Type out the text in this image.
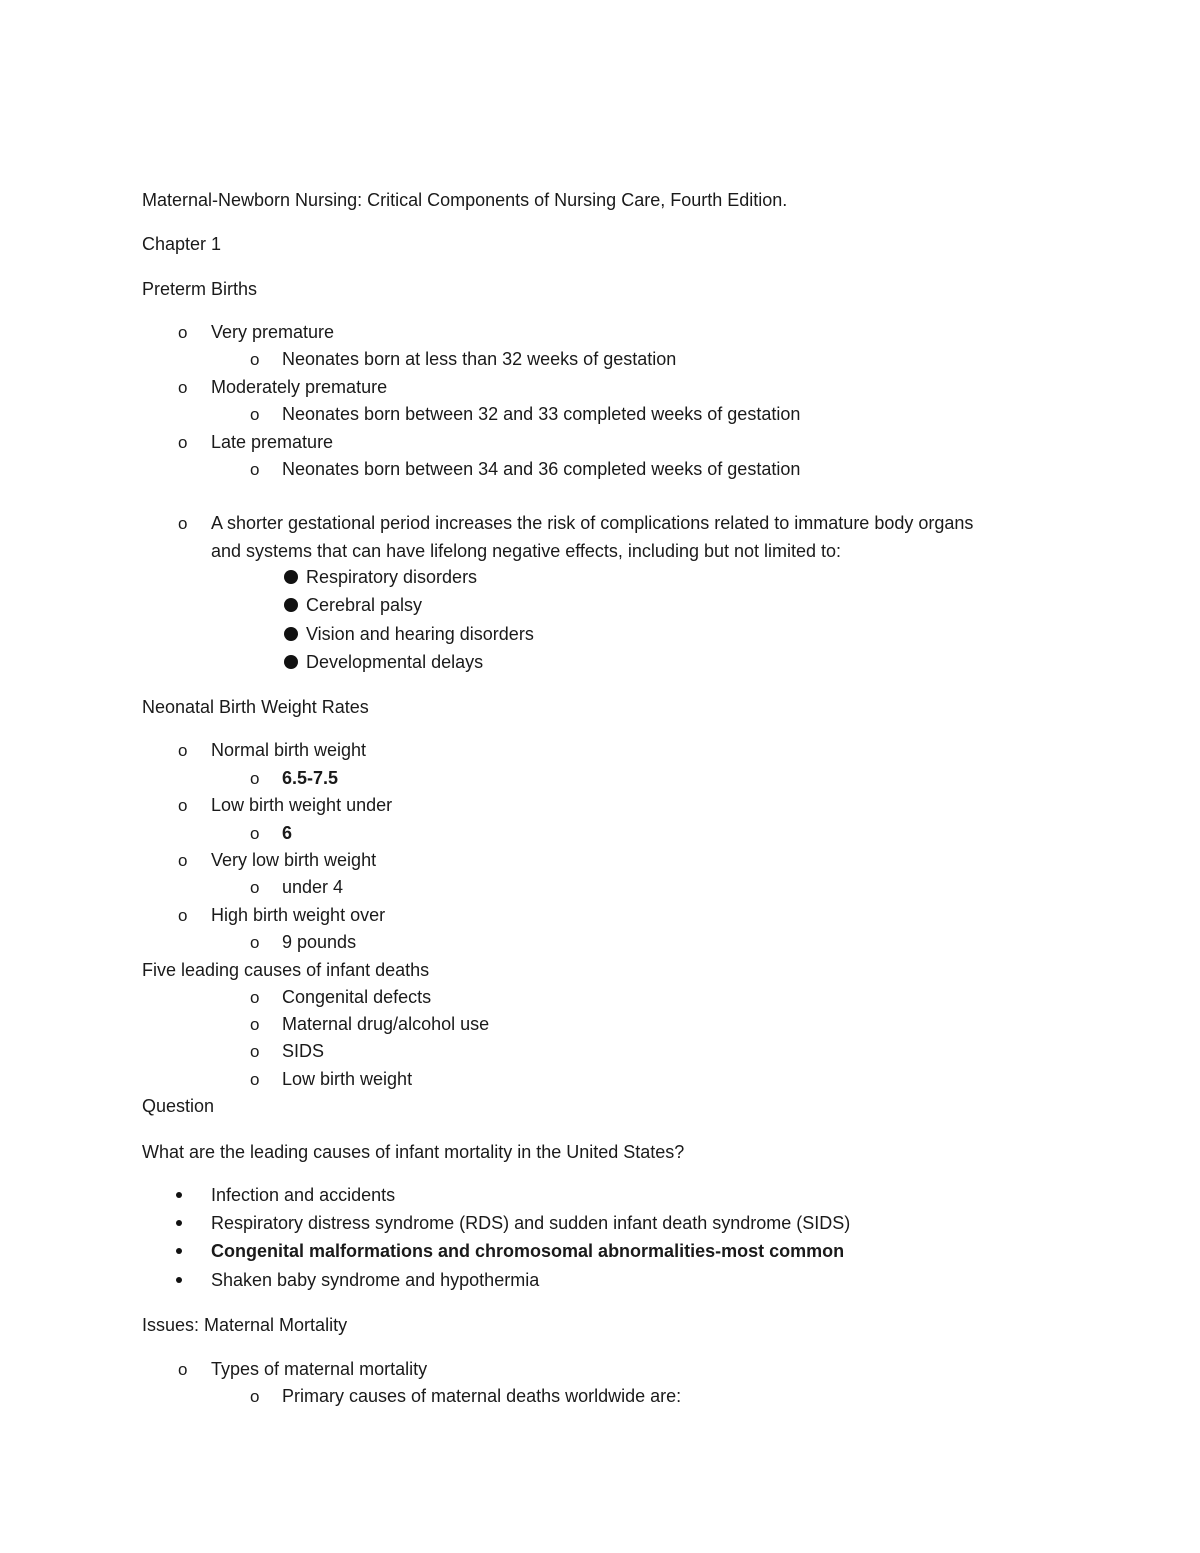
Maternal-Newborn Nursing: Critical Components of Nursing Care, Fourth Edition.
Chapter 1
Preterm Births
o Very premature
o Neonates born at less than 32 weeks of gestation
o Moderately premature
o Neonates born between 32 and 33 completed weeks of gestation
o Late premature
o Neonates born between 34 and 36 completed weeks of gestation
o A shorter gestational period increases the risk of complications related to immature body organs
and systems that can have lifelong negative effects, including but not limited to:
Respiratory disorders
Cerebral palsy
Vision and hearing disorders
Developmental delays
Neonatal Birth Weight Rates
o Normal birth weight
o 6.5-7.5
o Low birth weight under
o 6
o Very low birth weight
o under 4
o High birth weight over
o 9 pounds
Five leading causes of infant deaths
o Congenital defects
o Maternal drug/alcohol use
o SIDS
o Low birth weight
Question
What are the leading causes of infant mortality in the United States?
Infection and accidents
Respiratory distress syndrome (RDS) and sudden infant death syndrome (SIDS)
Congenital malformations and chromosomal abnormalities-most common
Shaken baby syndrome and hypothermia
Issues: Maternal Mortality
o Types of maternal mortality
o Primary causes of maternal deaths worldwide are:
